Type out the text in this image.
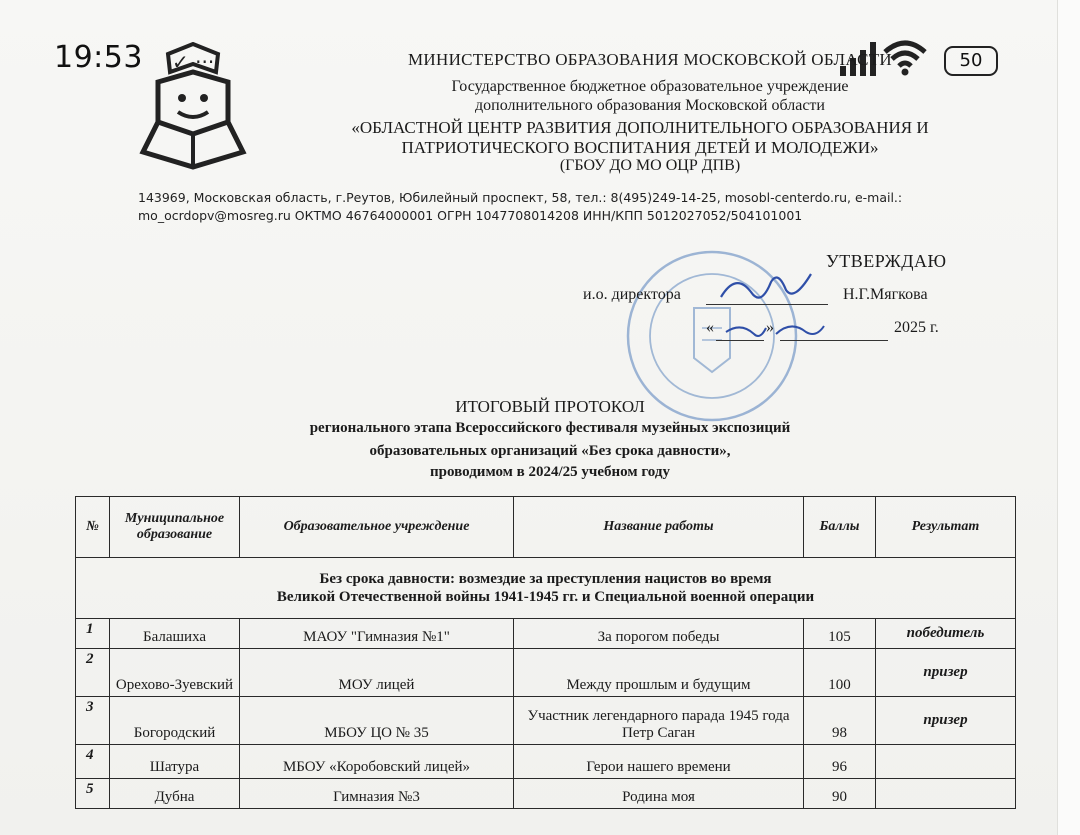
19:53 ✓ ···	50
МИНИСТЕРСТВО ОБРАЗОВАНИЯ МОСКОВСКОЙ ОБЛАСТИ
Государственное бюджетное образовательное учреждение
дополнительного образования Московской области
«ОБЛАСТНОЙ ЦЕНТР РАЗВИТИЯ ДОПОЛНИТЕЛЬНОГО ОБРАЗОВАНИЯ И
ПАТРИОТИЧЕСКОГО ВОСПИТАНИЯ ДЕТЕЙ И МОЛОДЕЖИ»
(ГБОУ ДО МО ОЦР ДПВ)
143969, Московская область, г.Реутов, Юбилейный проспект, 58, тел.: 8(495)249-14-25, mosobl-centerdo.ru, e-mail.:
mo_ocrdopv@mosreg.ru ОКТМО 46764000001 ОГРН 1047708014208 ИНН/КПП 5012027052/504101001
УТВЕРЖДАЮ
и.о. директора	Н.Г.Мягкова
«	»	2025 г.
ИТОГОВЫЙ ПРОТОКОЛ
регионального этапа Всероссийского фестиваля музейных экспозиций
образовательных организаций «Без срока давности»,
проводимом в 2024/25 учебном году
№	Муниципальное образование	Образовательное учреждение	Название работы	Баллы	Результат
Без срока давности: возмездие за преступления нацистов во время
Великой Отечественной войны 1941-1945 гг. и Специальной военной операции					
1	Балашиха	МАОУ "Гимназия №1"	За порогом победы	105	победитель
2	Орехово-Зуевский	МОУ лицей	Между прошлым и будущим	100	призер
3	Богородский	МБОУ ЦО № 35	Участник легендарного парада 1945 года Петр Саган	98	призер
4	Шатура	МБОУ «Коробовский лицей»	Герои нашего времени	96	
5	Дубна	Гимназия №3	Родина моя	90	
